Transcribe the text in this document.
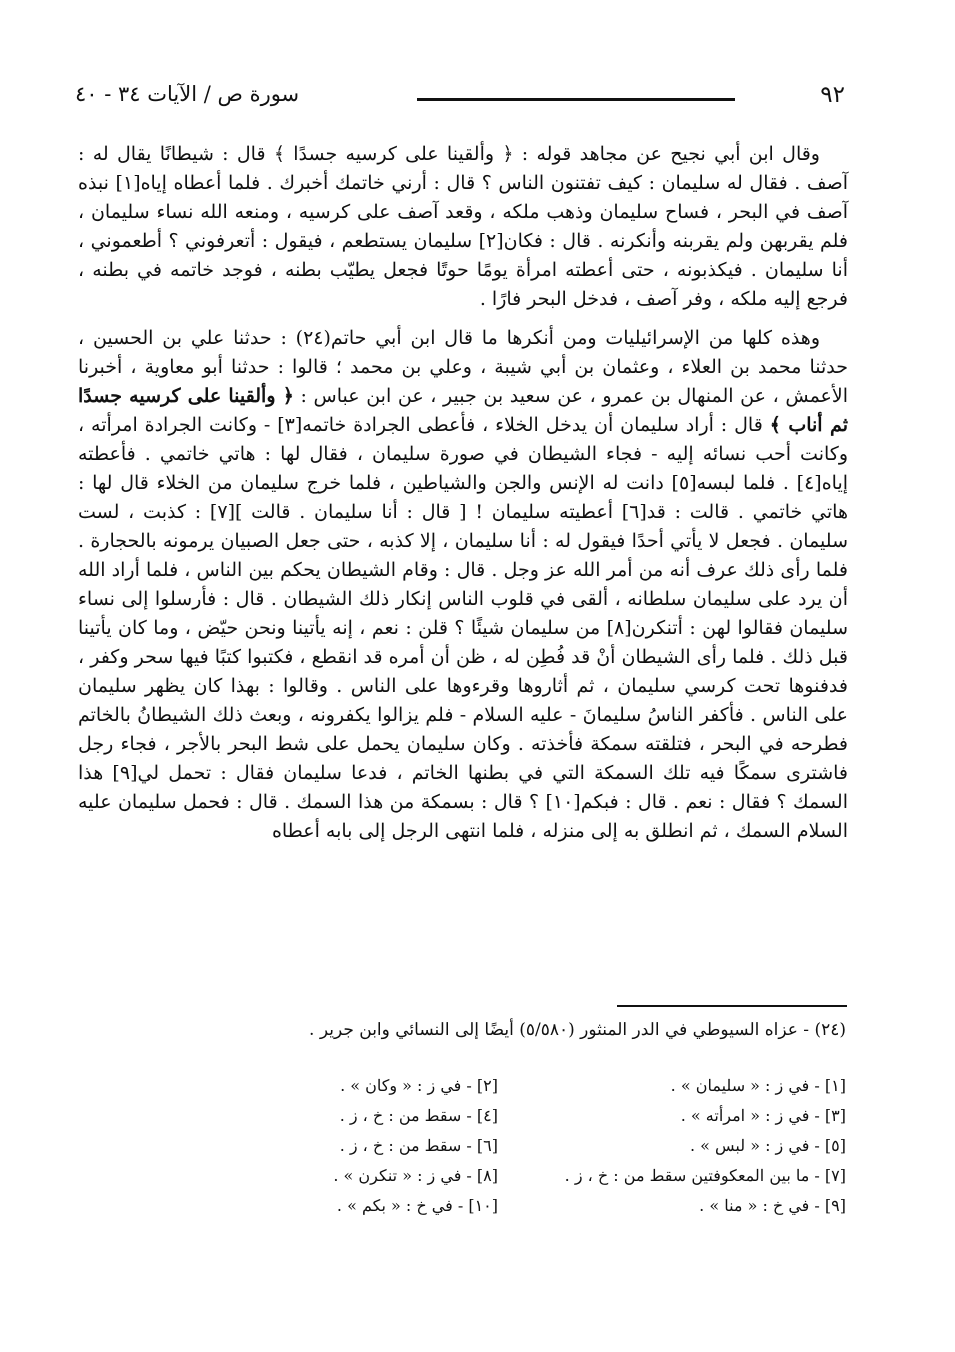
٩٢
سورة ص / الآيات ٣٤ - ٤٠

وقال ابن أبي نجيح عن مجاهد قوله : ﴿ وألقينا على كرسيه جسدًا ﴾ قال : شيطانًا يقال له : آصف . فقال له سليمان : كيف تفتنون الناس ؟ قال : أرني خاتمك أخبرك . فلما أعطاه إياه[١] نبذه آصف في البحر ، فساح سليمان وذهب ملكه ، وقعد آصف على كرسيه ، ومنعه الله نساء سليمان ، فلم يقربهن ولم يقربنه وأنكرنه . قال : فكان[٢] سليمان يستطعم ، فيقول : أتعرفوني ؟ أطعموني ، أنا سليمان . فيكذبونه ، حتى أعطته امرأة يومًا حوتًا فجعل يطيّب بطنه ، فوجد خاتمه في بطنه ، فرجع إليه ملكه ، وفر آصف ، فدخل البحر فارًا .

وهذه كلها من الإسرائيليات ومن أنكرها ما قال ابن أبي حاتم(٢٤) : حدثنا علي بن الحسين ، حدثنا محمد بن العلاء ، وعثمان بن أبي شيبة ، وعلي بن محمد ؛ قالوا : حدثنا أبو معاوية ، أخبرنا الأعمش ، عن المنهال بن عمرو ، عن سعيد بن جبير ، عن ابن عباس : ﴿ وألقينا على كرسيه جسدًا ثم أناب ﴾ قال : أراد سليمان أن يدخل الخلاء ، فأعطى الجرادة خاتمه[٣] - وكانت الجرادة امرأته ، وكانت أحب نسائه إليه - فجاء الشيطان في صورة سليمان ، فقال لها : هاتي خاتمي . فأعطته إياه[٤] . فلما لبسه[٥] دانت له الإنس والجن والشياطين ، فلما خرج سليمان من الخلاء قال لها : هاتي خاتمي . قالت : قد[٦] أعطيته سليمان ! [ قال : أنا سليمان . قالت ][٧] : كذبت ، لست سليمان . فجعل لا يأتي أحدًا فيقول له : أنا سليمان ، إلا كذبه ، حتى جعل الصبيان يرمونه بالحجارة . فلما رأى ذلك عرف أنه من أمر الله عز وجل . قال : وقام الشيطان يحكم بين الناس ، فلما أراد الله أن يرد على سليمان سلطانه ، ألقى في قلوب الناس إنكار ذلك الشيطان . قال : فأرسلوا إلى نساء سليمان فقالوا لهن : أتنكرن[٨] من سليمان شيئًا ؟ قلن : نعم ، إنه يأتينا ونحن حيّض ، وما كان يأتينا قبل ذلك . فلما رأى الشيطان أنْ قد فُطِن له ، ظن أن أمره قد انقطع ، فكتبوا كتبًا فيها سحر وكفر ، فدفنوها تحت كرسي سليمان ، ثم أثاروها وقرءوها على الناس . وقالوا : بهذا كان يظهر سليمان على الناس . فأكفر الناسُ سليمانَ - عليه السلام - فلم يزالوا يكفرونه ، وبعث ذلك الشيطانُ بالخاتم فطرحه في البحر ، فتلقته سمكة فأخذته . وكان سليمان يحمل على شط البحر بالأجر ، فجاء رجل فاشترى سمكًا فيه تلك السمكة التي في بطنها الخاتم ، فدعا سليمان فقال : تحمل لي[٩] هذا السمك ؟ فقال : نعم . قال : فبكم[١٠] ؟ قال : بسمكة من هذا السمك . قال : فحمل سليمان عليه السلام السمك ، ثم انطلق به إلى منزله ، فلما انتهى الرجل إلى بابه أعطاه

(٢٤) - عزاه السيوطي في الدر المنثور (٥/٥٨٠) أيضًا إلى النسائي وابن جرير .
[١] - في ز : « سليمان » .
[٢] - في ز : « وكان » .
[٣] - في ز : « امرأته » .
[٤] - سقط من : خ ، ز .
[٥] - في ز : « لبس » .
[٦] - سقط من : خ ، ز .
[٧] - ما بين المعكوفتين سقط من : خ ، ز .
[٨] - في ز : « تنكرن » .
[٩] - في خ : « منا » .
[١٠] - في خ : « بكم » .
